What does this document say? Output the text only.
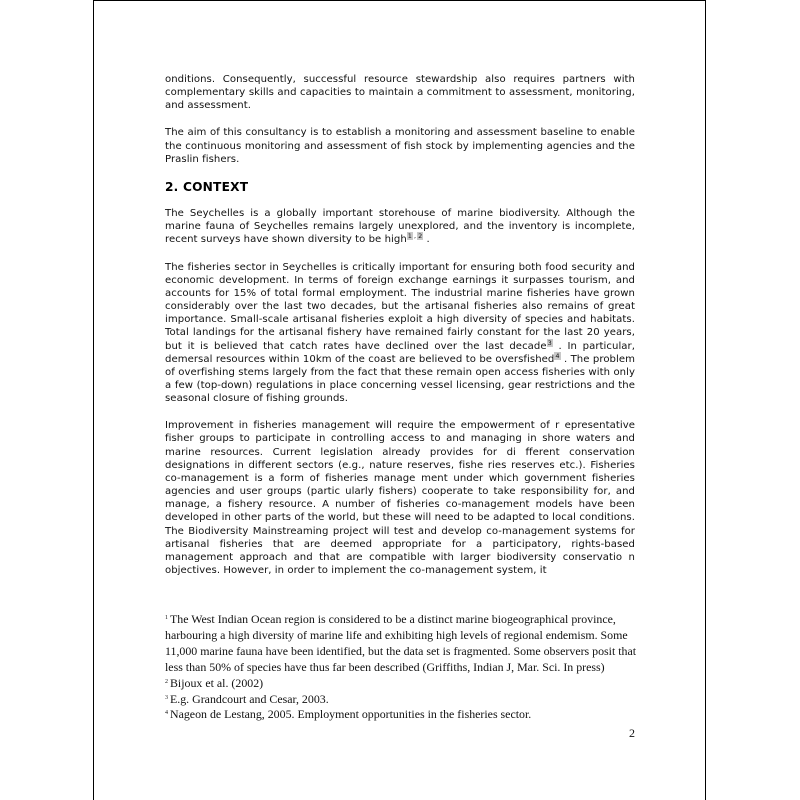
onditions. Consequently, successful resource stewardship also requires partners with complementary skills and capacities to maintain a commitment to assessment, monitoring, and assessment.

The aim of this consultancy is to establish a monitoring and assessment baseline to enable the continuous monitoring and assessment of fish stock by implementing agencies and the Praslin fishers.

2. CONTEXT

The Seychelles is a globally important storehouse of marine biodiversity. Although the marine fauna of Seychelles remains largely unexplored, and the inventory is incomplete, recent surveys have shown diversity to be high$^1$ , $^2$ .

The fisheries sector in Seychelles is critically important for ensuring both food security and economic development. In terms of foreign exchange earnings it surpasses tourism, and accounts for 15% of total formal employment. The industrial marine fisheries have grown considerably over the last two decades, but the artisanal fisheries also remains of great importance. Small-scale artisanal fisheries exploit a high diversity of species and habitats. Total landings for the artisanal fishery have remained fairly constant for the last 20 years, but it is believed that catch rates have declined over the last decade$^3$ . In particular, demersal resources within 10km of the coast are believed to be oversfished$^4$ . The problem of overfishing stems largely from the fact that these remain open access fisheries with only a few (top-down) regulations in place concerning vessel licensing, gear restrictions and the seasonal closure of fishing grounds.

Improvement in fisheries management will require the empowerment of r epresentative fisher groups to participate in controlling access to and managing in shore waters and marine resources. Current legislation already provides for di fferent conservation designations in different sectors (e.g., nature reserves, fishe ries reserves etc.). Fisheries co-management is a form of fisheries manage ment under which government fisheries agencies and user groups (partic ularly fishers) cooperate to take responsibility for, and manage, a fishery resource. A number of fisheries co-management models have been developed in other parts of the world, but these will need to be adapted to local conditions. The Biodiversity Mainstreaming project will test and develop co-management systems for artisanal fisheries that are deemed appropriate for a participatory, rights-based management approach and that are compatible with larger biodiversity conservatio n objectives. However, in order to implement the co-management system, it

$^1$ The West Indian Ocean region is considered to be a distinct marine biogeographical province, harbouring a high diversity of marine life and exhibiting high levels of regional endemism. Some 11,000 marine fauna have been identified, but the data set is fragmented. Some observers posit that less than 50% of species have thus far been described (Griffiths, Indian J, Mar. Sci. In press)

$^2$ Bijoux et al. (2002)

$^3$ E.g. Grandcourt and Cesar, 2003.

$^4$ Nageon de Lestang, 2005. Employment opportunities in the fisheries sector.

2
